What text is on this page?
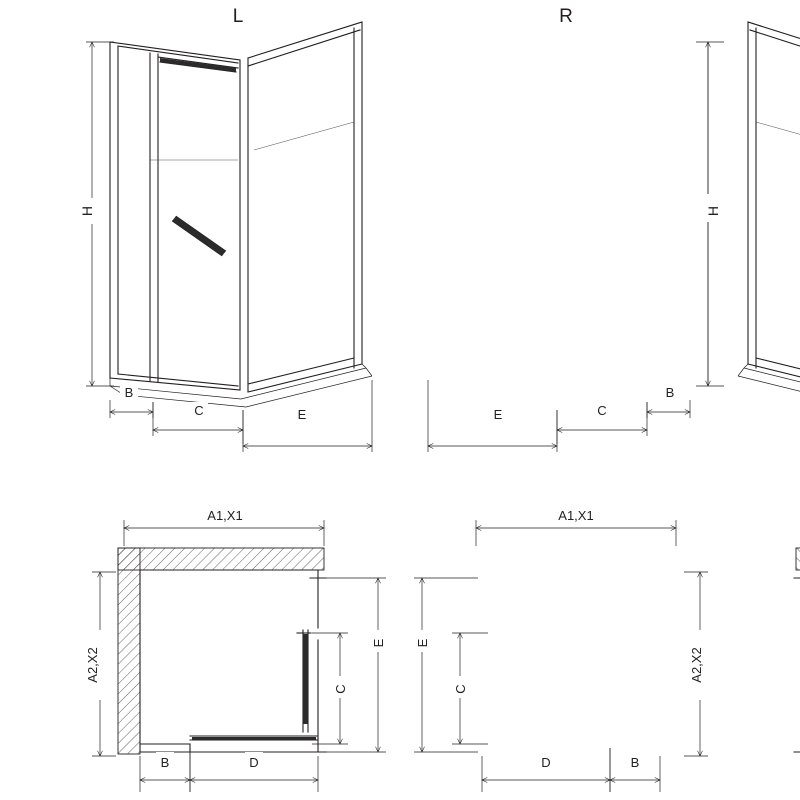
H
B
C	E
L
H
E	C
B
R
A1,X1
A2,X2
E
C
B	D
A1,X1
A2,X2
E
C
D	B
